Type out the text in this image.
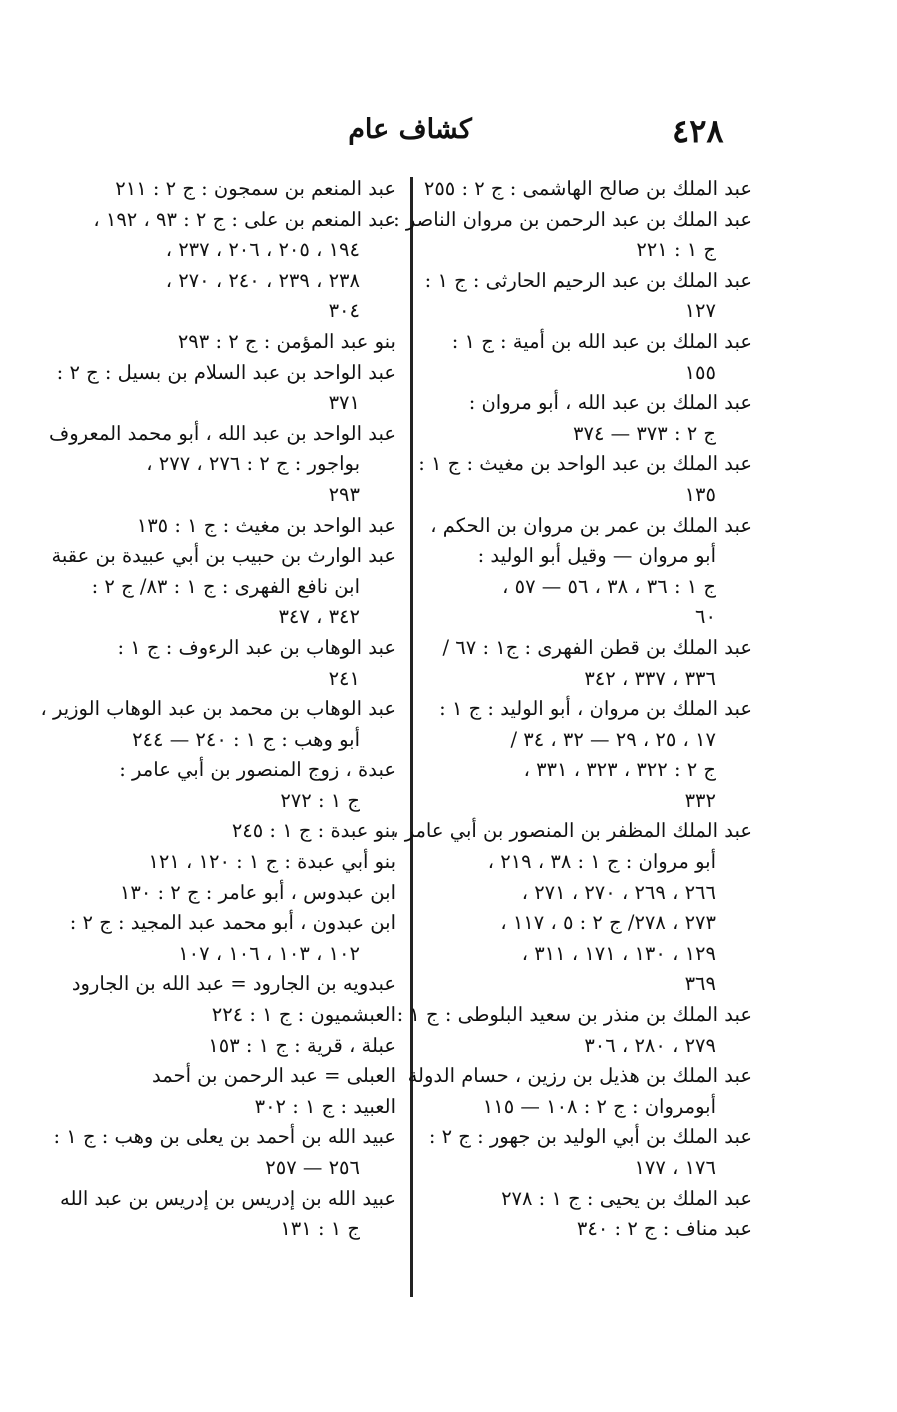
٤٢٨
كشاف عام
عبد الملك بن صالح الهاشمى : ج ٢ : ٢٥٥
عبد الملك بن عبد الرحمن بن مروان الناصر :
ج ١ : ٢٢١
عبد الملك بن عبد الرحيم الحارثى : ج ١ :
١٢٧
عبد الملك بن عبد الله بن أمية : ج ١ :
١٥٥
عبد الملك بن عبد الله ، أبو مروان :
ج ٢ : ٣٧٣ — ٣٧٤
عبد الملك بن عبد الواحد بن مغيث : ج ١ :
١٣٥
عبد الملك بن عمر بن مروان بن الحكم ،
أبو مروان — وقيل أبو الوليد :
ج ١ : ٣٦ ، ٣٨ ، ٥٦ — ٥٧ ،
٦٠
عبد الملك بن قطن الفهرى : ج١ : ٦٧ /
٣٣٦ ، ٣٣٧ ، ٣٤٢
عبد الملك بن مروان ، أبو الوليد : ج ١ :
١٧ ، ٢٥ ، ٢٩ — ٣٢ ، ٣٤ /
ج ٢ : ٣٢٢ ، ٣٢٣ ، ٣٣١ ،
٣٣٢
عبد الملك المظفر بن المنصور بن أبي عامر ،
أبو مروان : ج ١ : ٣٨ ، ٢١٩ ،
٢٦٦ ، ٢٦٩ ، ٢٧٠ ، ٢٧١ ،
٢٧٣ ، ٢٧٨/ ج ٢ : ٥ ، ١١٧ ،
١٢٩ ، ١٣٠ ، ١٧١ ، ٣١١ ،
٣٦٩
عبد الملك بن منذر بن سعيد البلوطى : ج ١ :
٢٧٩ ، ٢٨٠ ، ٣٠٦
عبد الملك بن هذيل بن رزين ، حسام الدولة
أبومروان : ج ٢ : ١٠٨ — ١١٥
عبد الملك بن أبي الوليد بن جهور : ج ٢ :
١٧٦ ، ١٧٧
عبد الملك بن يحيى : ج ١ : ٢٧٨
عبد مناف : ج ٢ : ٣٤٠
عبد المنعم بن سمجون : ج ٢ : ٢١١
عبد المنعم بن على : ج ٢ : ٩٣ ، ١٩٢ ،
١٩٤ ، ٢٠٥ ، ٢٠٦ ، ٢٣٧ ،
٢٣٨ ، ٢٣٩ ، ٢٤٠ ، ٢٧٠ ،
٣٠٤
بنو عبد المؤمن : ج ٢ : ٢٩٣
عبد الواحد بن عبد السلام بن بسيل : ج ٢ :
٣٧١
عبد الواحد بن عبد الله ، أبو محمد المعروف
بواجور : ج ٢ : ٢٧٦ ، ٢٧٧ ،
٢٩٣
عبد الواحد بن مغيث : ج ١ : ١٣٥
عبد الوارث بن حبيب بن أبي عبيدة بن عقبة
ابن نافع الفهرى : ج ١ : ٨٣/ ج ٢ :
٣٤٢ ، ٣٤٧
عبد الوهاب بن عبد الرءوف : ج ١ :
٢٤١
عبد الوهاب بن محمد بن عبد الوهاب الوزير ،
أبو وهب : ج ١ : ٢٤٠ — ٢٤٤
عبدة ، زوج المنصور بن أبي عامر :
ج ١ : ٢٧٢
بنو عبدة : ج ١ : ٢٤٥
بنو أبي عبدة : ج ١ : ١٢٠ ، ١٢١
ابن عبدوس ، أبو عامر : ج ٢ : ١٣٠
ابن عبدون ، أبو محمد عبد المجيد : ج ٢ :
١٠٢ ، ١٠٣ ، ١٠٦ ، ١٠٧
عبدويه بن الجارود = عبد الله بن الجارود
العبشميون : ج ١ : ٢٢٤
عبلة ، قرية : ج ١ : ١٥٣
العبلى = عبد الرحمن بن أحمد
العبيد : ج ١ : ٣٠٢
عبيد الله بن أحمد بن يعلى بن وهب : ج ١ :
٢٥٦ — ٢٥٧
عبيد الله بن إدريس بن إدريس بن عبد الله
ج ١ : ١٣١
